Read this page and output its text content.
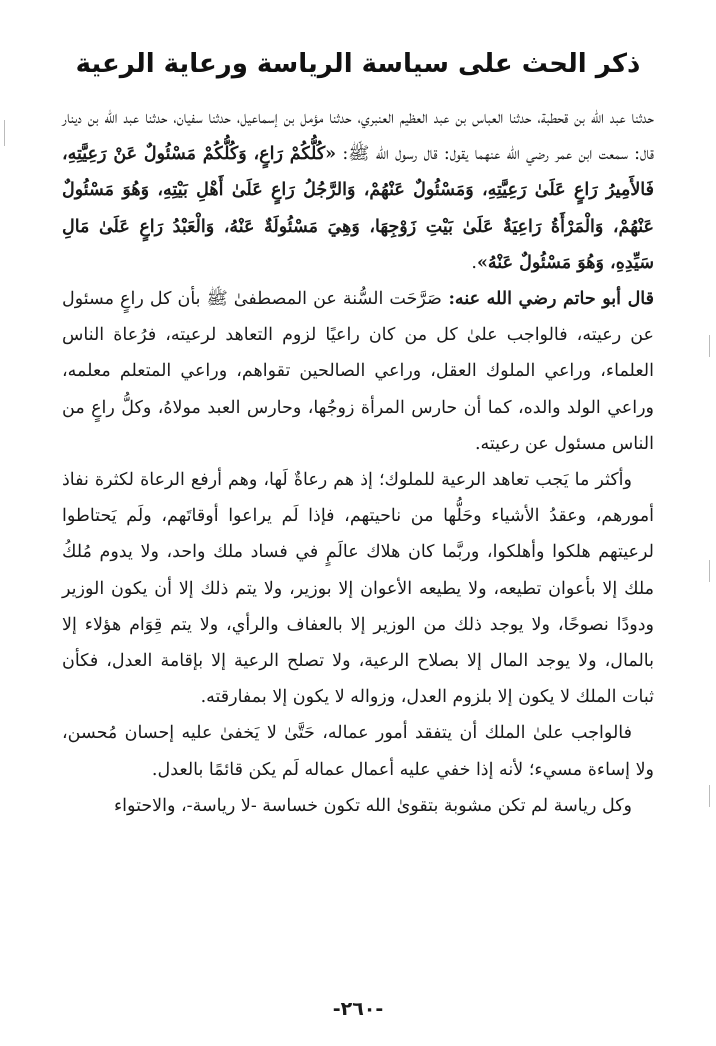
ذكر الحث على سياسة الرياسة ورعاية الرعية

حدثنا عبد الله بن قحطبة، حدثنا العباس بن عبد العظيم العنبري، حدثنا مؤمل بن إسماعيل، حدثنا سفيان، حدثنا عبد الله بن دينار قال: سمعت ابن عمر رضي الله عنهما يقول: قال رسول الله ﷺ: «كُلُّكُمْ رَاعٍ، وَكُلُّكُمْ مَسْئُولٌ عَنْ رَعِيَّتِهِ، فَالأَمِيرُ رَاعٍ عَلَىٰ رَعِيَّتِهِ، وَمَسْئُولٌ عَنْهُمْ، وَالرَّجُلُ رَاعٍ عَلَىٰ أَهْلِ بَيْتِهِ، وَهُوَ مَسْئُولٌ عَنْهُمْ، وَالْمَرْأَةُ رَاعِيَةٌ عَلَىٰ بَيْتِ زَوْجِهَا، وَهِيَ مَسْئُولَةٌ عَنْهُ، وَالْعَبْدُ رَاعٍ عَلَىٰ مَالِ سَيِّدِهِ، وَهُوَ مَسْئُولٌ عَنْهُ».

قال أبو حاتم رضي الله عنه: صَرَّحَت السُّنة عن المصطفىٰ ﷺ بأن كل راعٍ مسئول عن رعيته، فالواجب علىٰ كل من كان راعيًا لزوم التعاهد لرعيته، فرُعاة الناس العلماء، وراعي الملوك العقل، وراعي الصالحين تقواهم، وراعي المتعلم معلمه، وراعي الولد والده، كما أن حارس المرأة زوجُها، وحارس العبد مولاهُ، وكلُّ راعٍ من الناس مسئول عن رعيته.

وأكثر ما يَجب تعاهد الرعية للملوك؛ إذ هم رعاةٌ لَها، وهم أرفع الرعاة لكثرة نفاذ أمورهم، وعقدُ الأشياء وحَلُّها من ناحيتهم، فإذا لَم يراعوا أوقاتَهم، ولَم يَحتاطوا لرعيتهم هلكوا وأهلكوا، وربَّما كان هلاك عالَمٍ في فساد ملك واحد، ولا يدوم مُلكُ ملك إلا بأعوان تطيعه، ولا يطيعه الأعوان إلا بوزير، ولا يتم ذلك إلا أن يكون الوزير ودودًا نصوحًا، ولا يوجد ذلك من الوزير إلا بالعفاف والرأي، ولا يتم قِوَام هؤلاء إلا بالمال، ولا يوجد المال إلا بصلاح الرعية، ولا تصلح الرعية إلا بإقامة العدل، فكأن ثبات الملك لا يكون إلا بلزوم العدل، وزواله لا يكون إلا بمفارقته.

فالواجب علىٰ الملك أن يتفقد أمور عماله، حَتَّىٰ لا يَخفىٰ عليه إحسان مُحسن، ولا إساءة مسيء؛ لأنه إذا خفي عليه أعمال عماله لَم يكن قائمًا بالعدل.

وكل رياسة لم تكن مشوبة بتقوىٰ الله تكون خساسة -لا رياسة-، والاحتواء

-٢٦٠-
